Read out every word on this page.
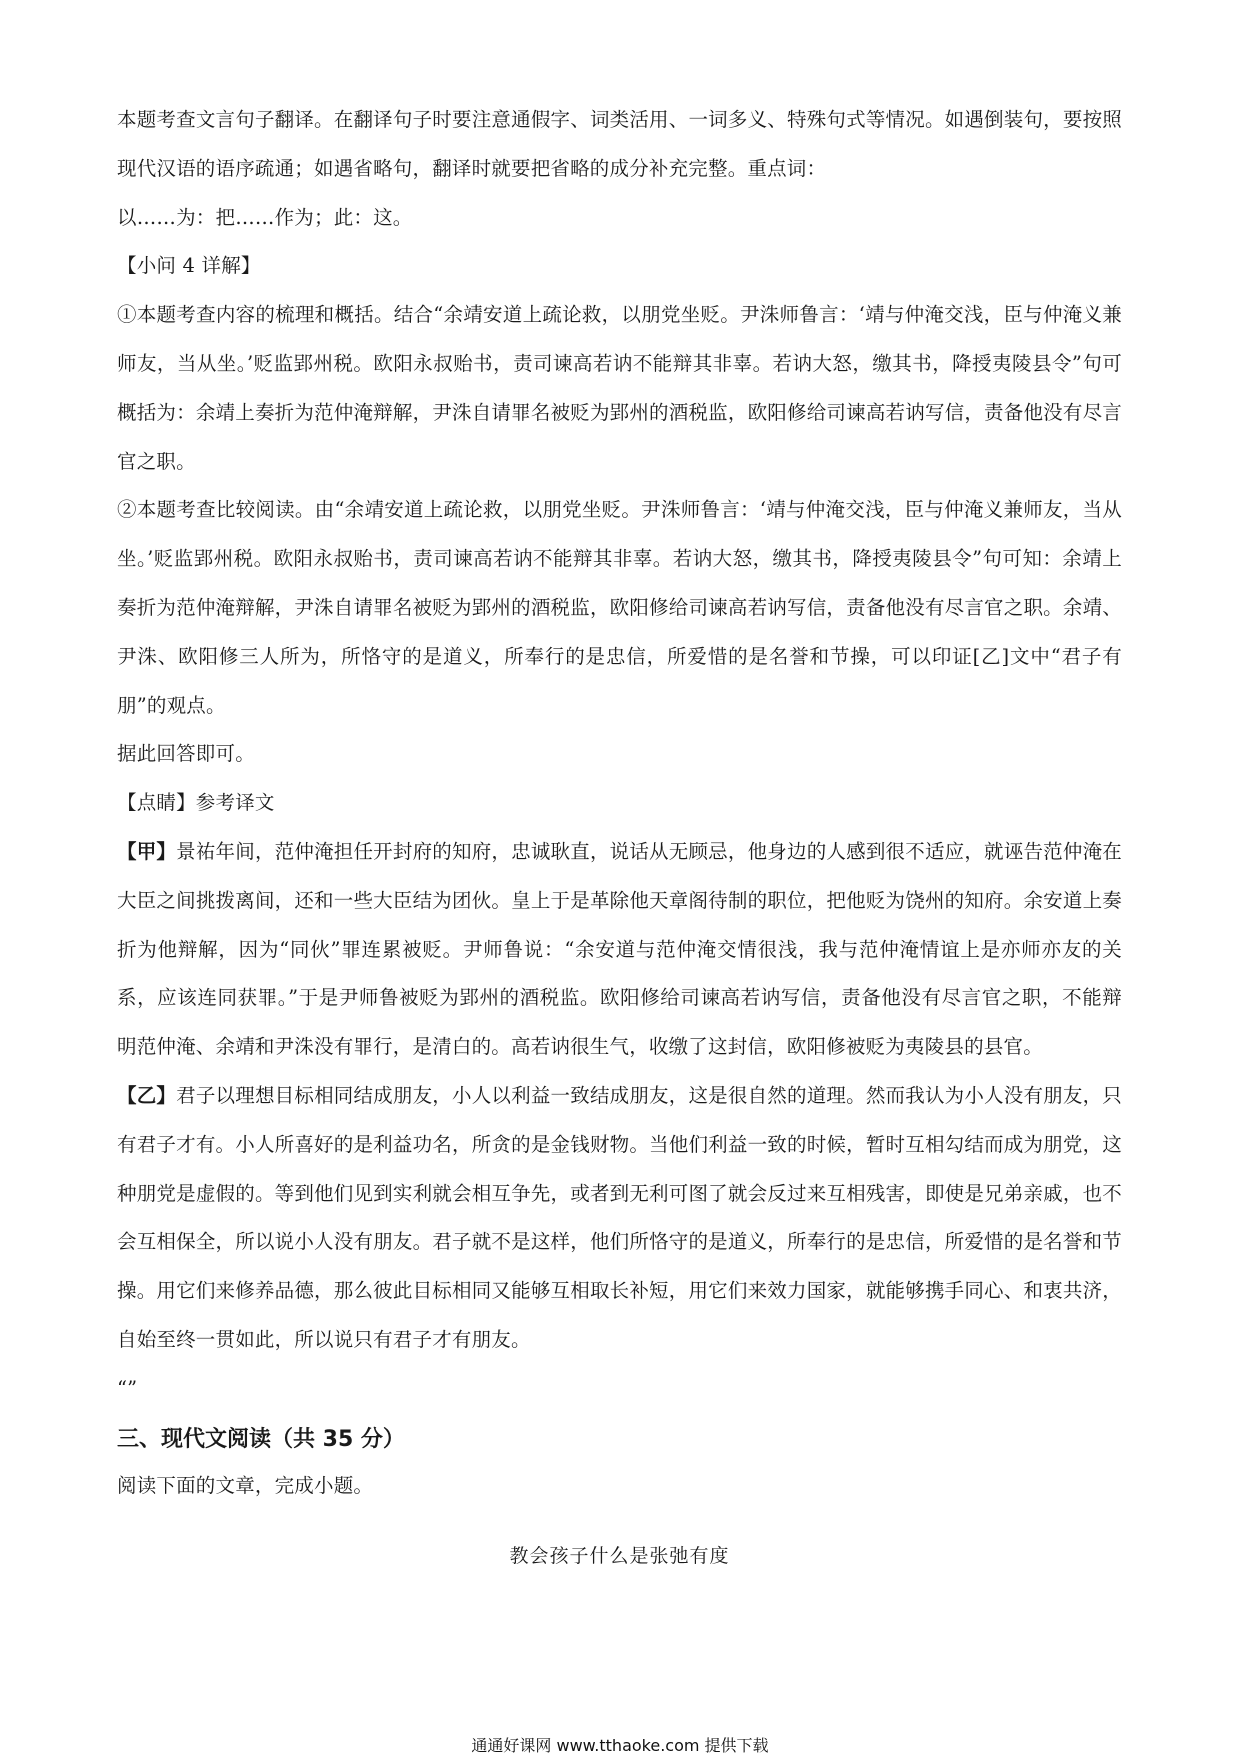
本题考查文言句子翻译。在翻译句子时要注意通假字、词类活用、一词多义、特殊句式等情况。如遇倒装句，要按照现代汉语的语序疏通；如遇省略句，翻译时就要把省略的成分补充完整。重点词：

以……为：把……作为；此：这。

【小问 4 详解】

①本题考查内容的梳理和概括。结合“余靖安道上疏论救，以朋党坐贬。尹洙师鲁言：‘靖与仲淹交浅，臣与仲淹义兼师友，当从坐。’贬监郢州税。欧阳永叔贻书，责司谏高若讷不能辩其非辜。若讷大怒，缴其书，降授夷陵县令”句可概括为：余靖上奏折为范仲淹辩解，尹洙自请罪名被贬为郢州的酒税监，欧阳修给司谏高若讷写信，责备他没有尽言官之职。

②本题考查比较阅读。由“余靖安道上疏论救，以朋党坐贬。尹洙师鲁言：‘靖与仲淹交浅，臣与仲淹义兼师友，当从坐。’贬监郢州税。欧阳永叔贻书，责司谏高若讷不能辩其非辜。若讷大怒，缴其书，降授夷陵县令”句可知：余靖上奏折为范仲淹辩解，尹洙自请罪名被贬为郢州的酒税监，欧阳修给司谏高若讷写信，责备他没有尽言官之职。余靖、尹洙、欧阳修三人所为，所恪守的是道义，所奉行的是忠信，所爱惜的是名誉和节操，可以印证[乙]文中“君子有朋”的观点。

据此回答即可。

【点睛】参考译文

【甲】景祐年间，范仲淹担任开封府的知府，忠诚耿直，说话从无顾忌，他身边的人感到很不适应，就诬告范仲淹在大臣之间挑拨离间，还和一些大臣结为团伙。皇上于是革除他天章阁待制的职位，把他贬为饶州的知府。余安道上奏折为他辩解，因为“同伙”罪连累被贬。尹师鲁说：“余安道与范仲淹交情很浅，我与范仲淹情谊上是亦师亦友的关系，应该连同获罪。”于是尹师鲁被贬为郢州的酒税监。欧阳修给司谏高若讷写信，责备他没有尽言官之职，不能辩明范仲淹、余靖和尹洙没有罪行，是清白的。高若讷很生气，收缴了这封信，欧阳修被贬为夷陵县的县官。

【乙】君子以理想目标相同结成朋友，小人以利益一致结成朋友，这是很自然的道理。然而我认为小人没有朋友，只有君子才有。小人所喜好的是利益功名，所贪的是金钱财物。当他们利益一致的时候，暂时互相勾结而成为朋党，这种朋党是虚假的。等到他们见到实利就会相互争先，或者到无利可图了就会反过来互相残害，即使是兄弟亲戚，也不会互相保全，所以说小人没有朋友。君子就不是这样，他们所恪守的是道义，所奉行的是忠信，所爱惜的是名誉和节操。用它们来修养品德，那么彼此目标相同又能够互相取长补短，用它们来效力国家，就能够携手同心、和衷共济，自始至终一贯如此，所以说只有君子才有朋友。

“”

三、现代文阅读（共 35 分）

阅读下面的文章，完成小题。

教会孩子什么是张弛有度
通通好课网 www.tthaoke.com 提供下载
